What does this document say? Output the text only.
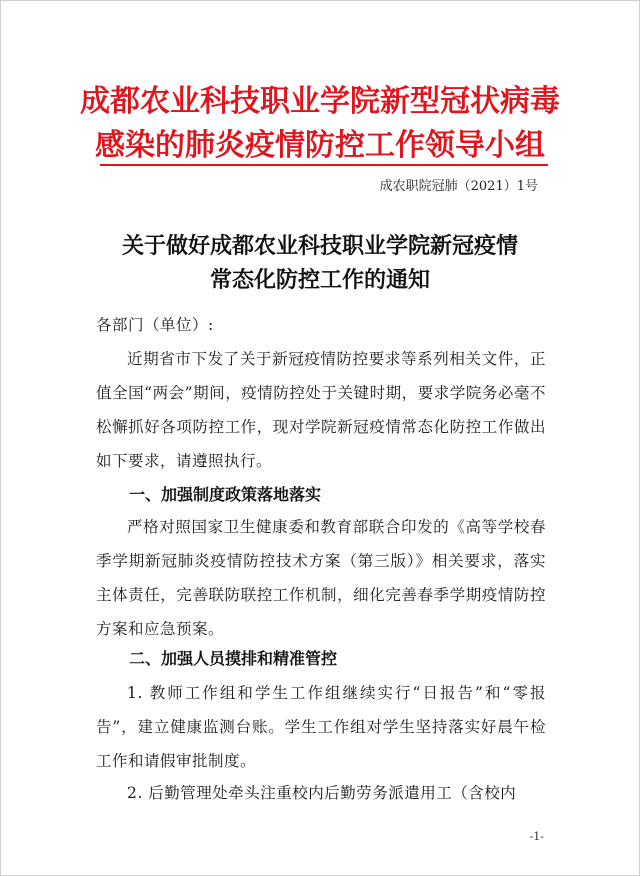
成都农业科技职业学院新型冠状病毒
感染的肺炎疫情防控工作领导小组
成农职院冠肺（2021）1号
关于做好成都农业科技职业学院新冠疫情
常态化防控工作的通知
各部门（单位）:
近期省市下发了关于新冠疫情防控要求等系列相关文件，正值全国“两会”期间，疫情防控处于关键时期，要求学院务必毫不松懈抓好各项防控工作，现对学院新冠疫情常态化防控工作做出如下要求，请遵照执行。
一、加强制度政策落地落实
严格对照国家卫生健康委和教育部联合印发的《高等学校春季学期新冠肺炎疫情防控技术方案（第三版）》相关要求，落实主体责任，完善联防联控工作机制，细化完善春季学期疫情防控方案和应急预案。
二、加强人员摸排和精准管控
1. 教师工作组和学生工作组继续实行“日报告”和“零报告”，建立健康监测台账。学生工作组对学生坚持落实好晨午检工作和请假审批制度。
2. 后勤管理处牵头注重校内后勤劳务派遣用工（含校内
-1-
